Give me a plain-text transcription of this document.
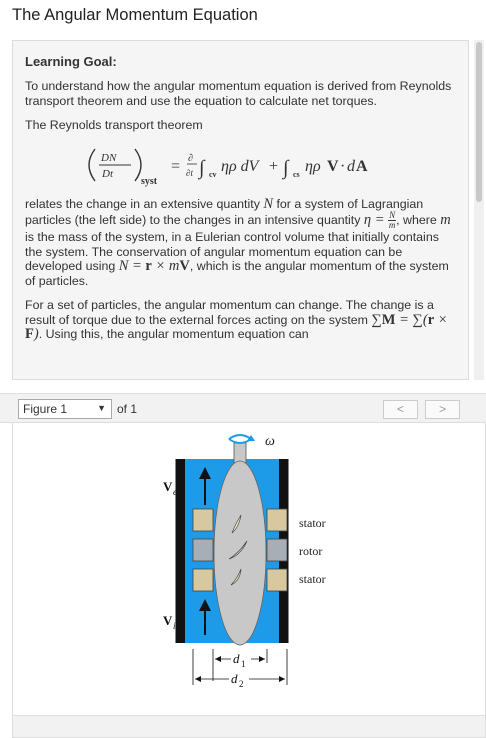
The Angular Momentum Equation
Learning Goal:
To understand how the angular momentum equation is derived from Reynolds transport theorem and use the equation to calculate net torques.
The Reynolds transport theorem
DN
Dt
syst
= ∂
∂t ∫ cv ηρ dV + ∫ cs ηρ V · d A
relates the change in an extensive quantity N for a system of Lagrangian particles (the left side) to the changes in an intensive quantity $\eta = \frac{N}{m}$ , where m is the mass of the system, in a Eulerian control volume that initially contains the system. The conservation of angular momentum equation can be developed using N = r × mV, which is the angular momentum of the system of particles.
For a set of particles, the angular momentum can change. The change is a result of torque due to the external forces acting on the system ∑M = ∑(r × F). Using this, the angular momentum equation can
Figure 1	▼ of 1	<	>
ω
V e
V i
stator
rotor
stator
d 1
d 2
